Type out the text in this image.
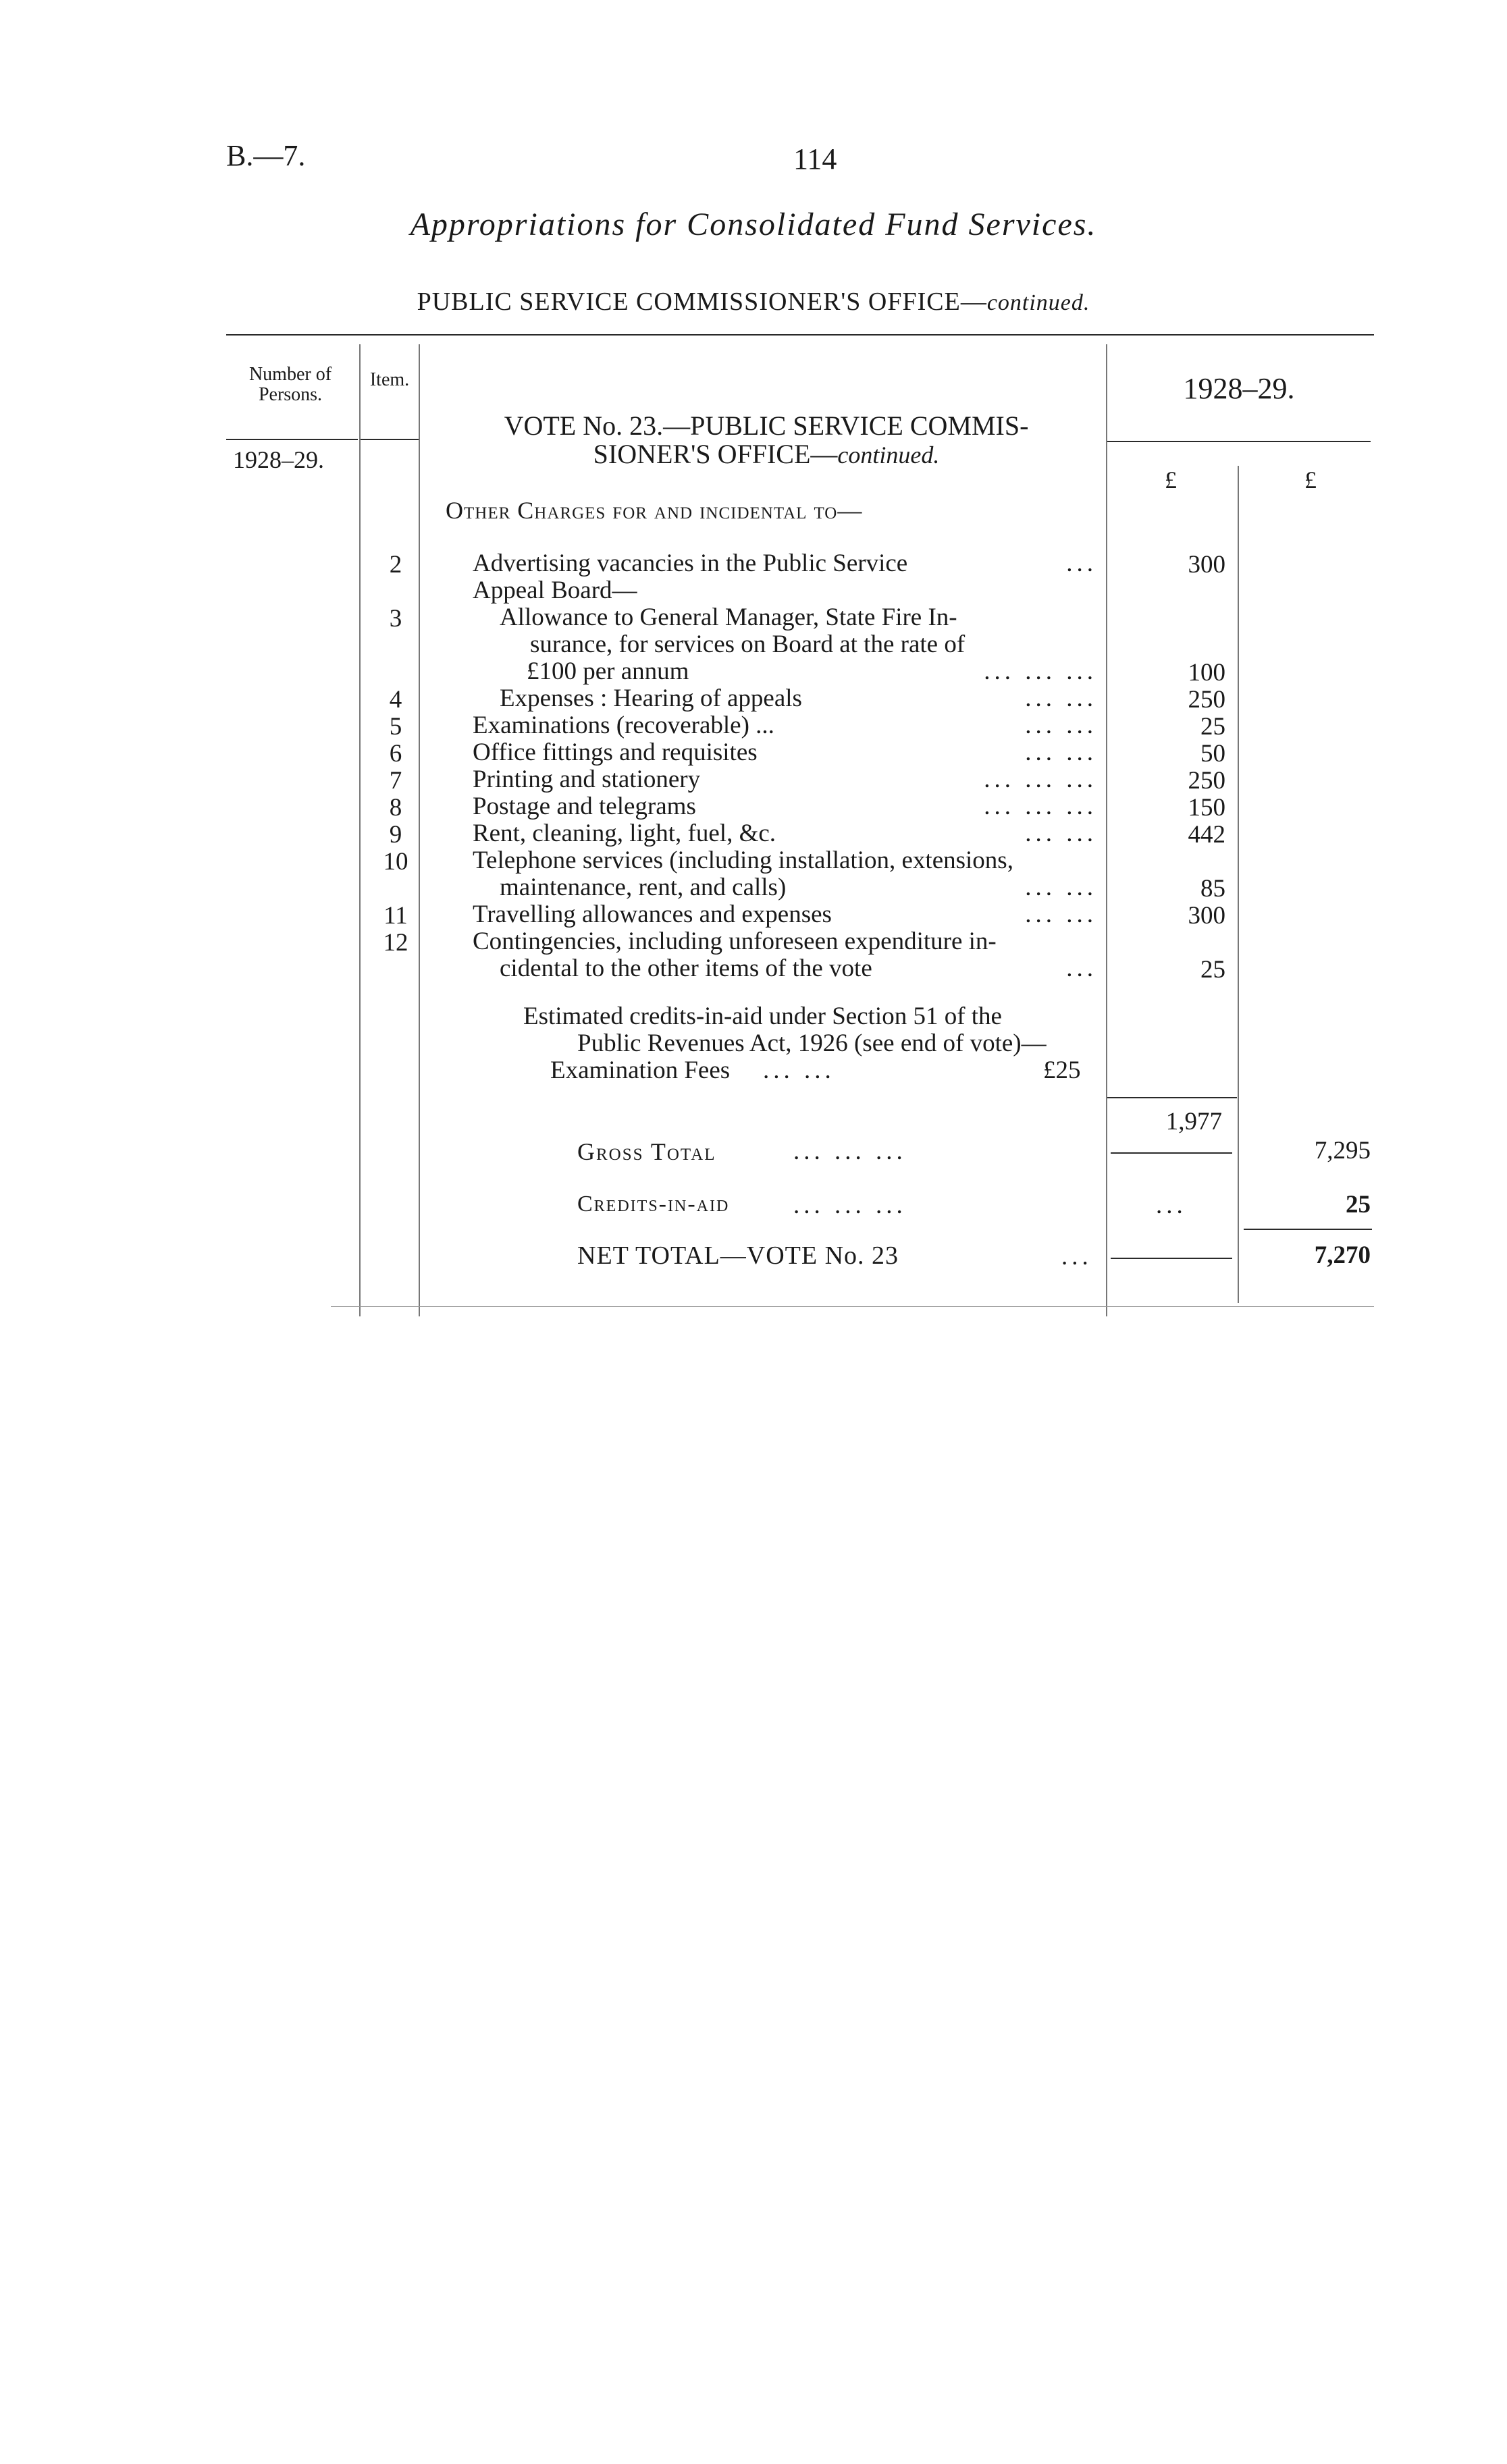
B.—7.	114
Appropriations for Consolidated Fund Services.
PUBLIC SERVICE COMMISSIONER'S OFFICE—continued.
Number of Persons.
Item.
1928–29.
1928–29.
£	£
VOTE No. 23.—PUBLIC SERVICE COMMIS-
SIONER'S OFFICE—continued.
Other Charges for and incidental to—
2	Advertising vacancies in the Public Service	...	300
Appeal Board—
3	Allowance to General Manager, State Fire In-
surance, for services on Board at the rate of
£100 per annum	... ... ...	100
4	Expenses : Hearing of appeals	... ...	250
5	Examinations (recoverable) ...	... ...	25
6	Office fittings and requisites	... ...	50
7	Printing and stationery	... ... ...	250
8	Postage and telegrams	... ... ...	150
9	Rent, cleaning, light, fuel, &c.	... ...	442
10	Telephone services (including installation, extensions,
maintenance, rent, and calls)	... ...	85
11	Travelling allowances and expenses	... ...	300
12	Contingencies, including unforeseen expenditure in-
cidental to the other items of the vote	...	25
Estimated credits-in-aid under Section 51 of the
Public Revenues Act, 1926 (see end of vote)—
Examination Fees ... ...	£25
1,977
Gross Total	... ... ...	7,295
Credits-in-aid	... ... ...	...	25
NET TOTAL—VOTE No. 23	...	7,270
